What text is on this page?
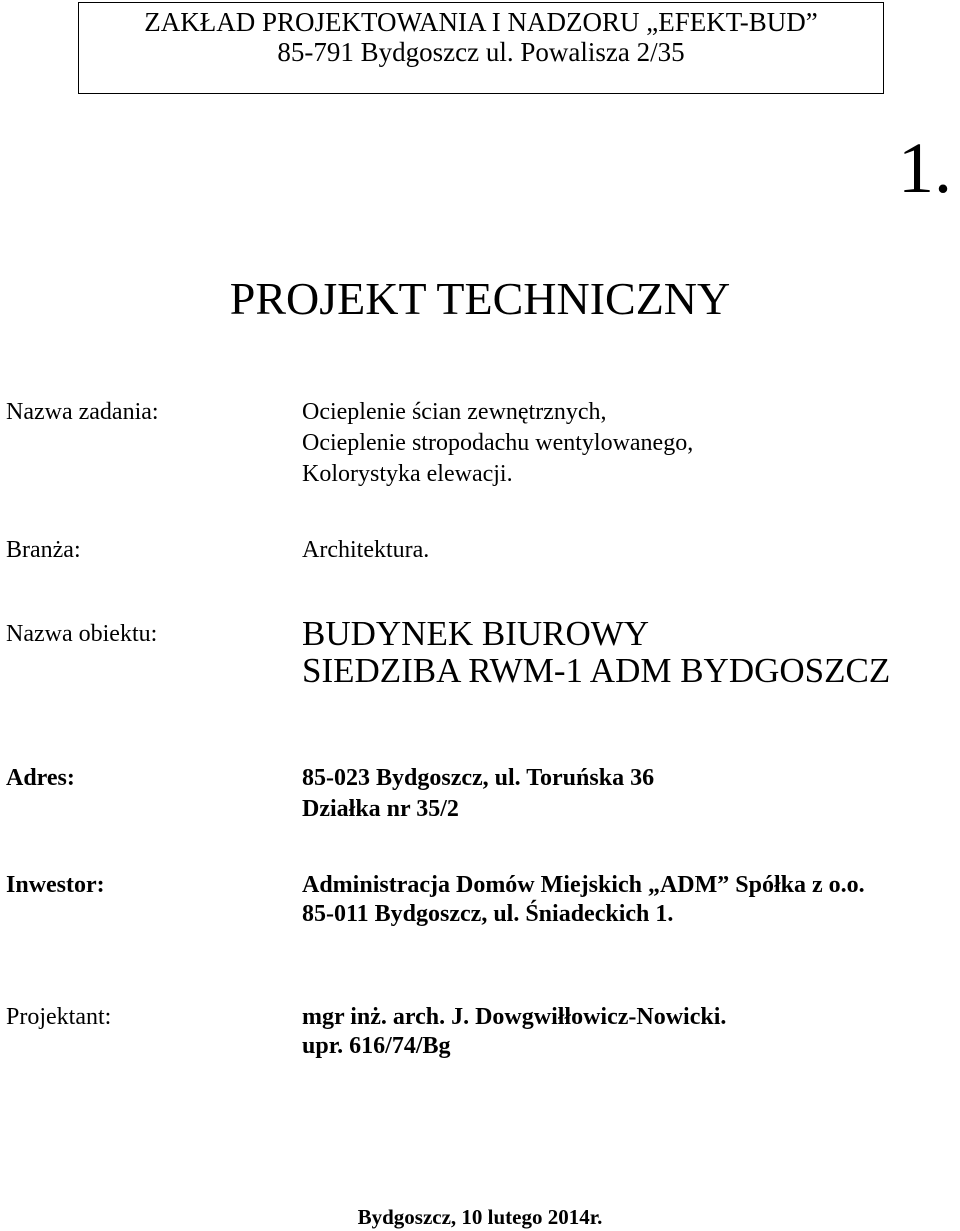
ZAKŁAD PROJEKTOWANIA I NADZORU „EFEKT-BUD”
85-791 Bydgoszcz ul. Powalisza 2/35
1.
PROJEKT TECHNICZNY
Nazwa zadania:	Ocieplenie ścian zewnętrznych,
Ocieplenie stropodachu wentylowanego,
Kolorystyka elewacji.
Branża:	Architektura.
Nazwa obiektu:	BUDYNEK BIUROWY
SIEDZIBA RWM-1 ADM BYDGOSZCZ
Adres:	85-023 Bydgoszcz, ul. Toruńska 36
Działka nr 35/2
Inwestor:	Administracja Domów Miejskich „ADM” Spółka z o.o.
85-011 Bydgoszcz, ul. Śniadeckich 1.
Projektant:	mgr inż. arch. J. Dowgwiłłowicz-Nowicki.
upr. 616/74/Bg
Bydgoszcz, 10 lutego 2014r.
